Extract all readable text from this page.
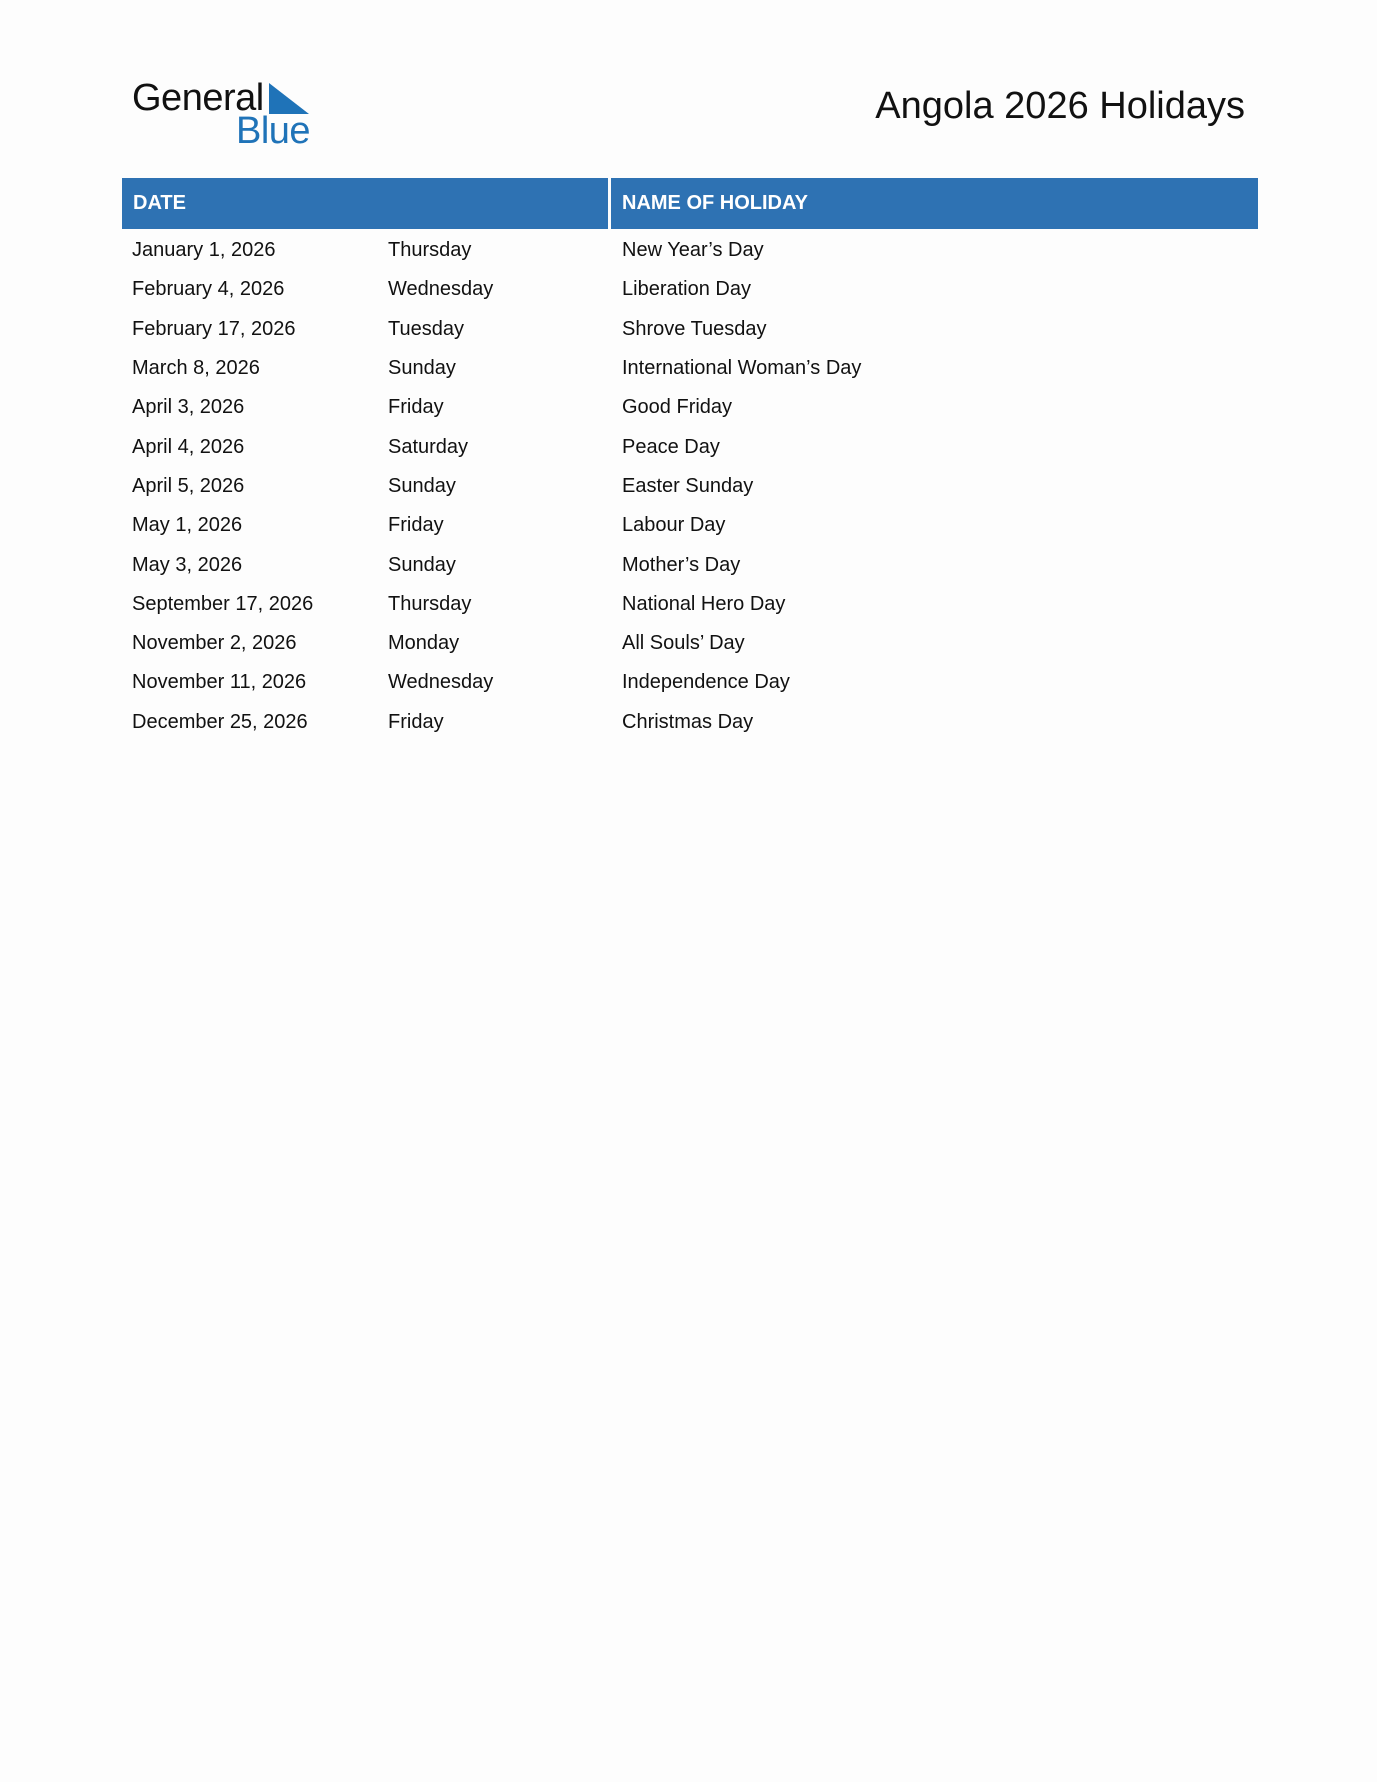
General
Blue
Angola 2026 Holidays
DATE	NAME OF HOLIDAY
January 1, 2026	Thursday	New Year’s Day
February 4, 2026	Wednesday	Liberation Day
February 17, 2026	Tuesday	Shrove Tuesday
March 8, 2026	Sunday	International Woman’s Day
April 3, 2026	Friday	Good Friday
April 4, 2026	Saturday	Peace Day
April 5, 2026	Sunday	Easter Sunday
May 1, 2026	Friday	Labour Day
May 3, 2026	Sunday	Mother’s Day
September 17, 2026	Thursday	National Hero Day
November 2, 2026	Monday	All Souls’ Day
November 11, 2026	Wednesday	Independence Day
December 25, 2026	Friday	Christmas Day
